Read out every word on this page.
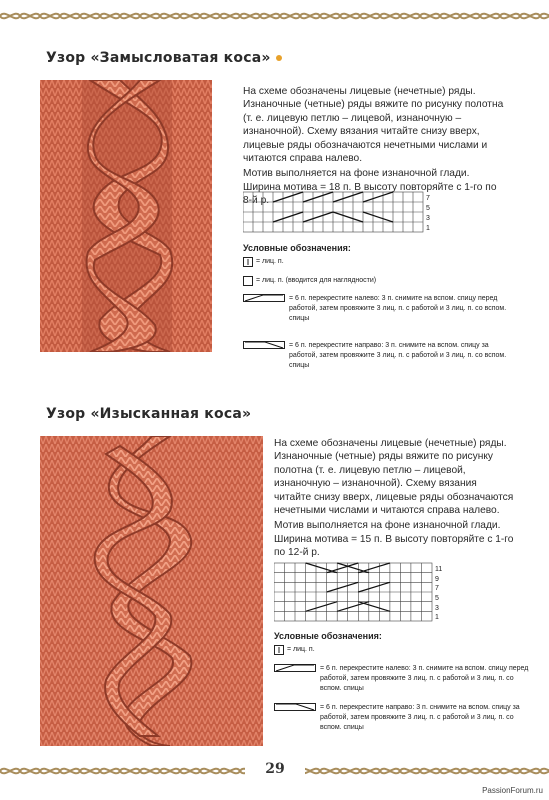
Узор «Замысловатая коса»

На схеме обозначены лицевые (нечетные) ряды. Изнаночные (четные) ряды вяжите по рисунку полотна (т. е. лицевую петлю – лицевой, изнаночную – изнаночной). Схему вязания читайте снизу вверх, лицевые ряды обозначаются нечетными числами и читаются справа налево.

Мотив выполняется на фоне изнаночной глади. Ширина мотива = 18 п. В высоту повторяйте с 1-го по 8-й р.	7
5
3
1
Условные обозначения:
= лиц. п.
= лиц. п. (вводится для наглядности)
= 6 п. перекрестите налево: 3 п. снимите на вспом. спицу перед работой, затем провяжите 3 лиц. п. с работой и 3 лиц. п. со вспом. спицы
= 6 п. перекрестите направо: 3 п. снимите на вспом. спицу за работой, затем провяжите 3 лиц. п. с работой и 3 лиц. п. со вспом. спицы
Узор «Изысканная коса»

На схеме обозначены лицевые (нечетные) ряды. Изнаночные (четные) ряды вяжите по рисунку полотна (т. е. лицевую петлю – лицевой, изнаночную – изнаночной). Схему вязания читайте снизу вверх, лицевые ряды обозначаются нечетными числами и читаются справа налево.

Мотив выполняется на фоне изнаночной глади. Ширина мотива = 15 п. В высоту повторяйте с 1-го по 12-й р.

11
9
7
5
3
1
Условные обозначения:
= лиц. п.
= 6 п. перекрестите налево: 3 п. снимите на вспом. спицу перед работой, затем провяжите 3 лиц. п. с работой и 3 лиц. п. со вспом. спицы
= 6 п. перекрестите направо: 3 п. снимите на вспом. спицу за работой, затем провяжите 3 лиц. п. с работой и 3 лиц. п. со вспом. спицы
29
PassionForum.ru
